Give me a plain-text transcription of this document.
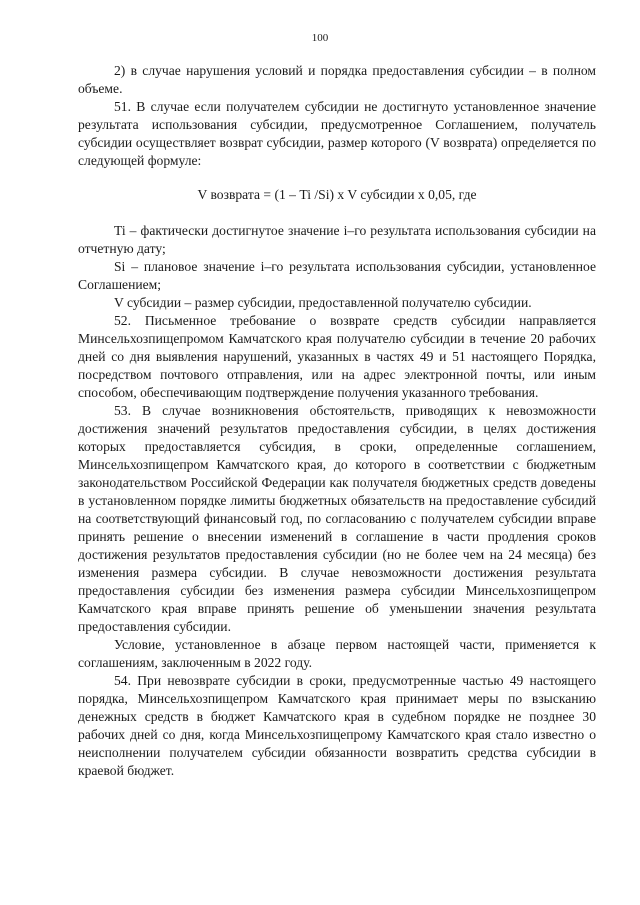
100

2) в случае нарушения условий и порядка предоставления субсидии – в полном объеме.

51. В случае если получателем субсидии не достигнуто установленное значение результата использования субсидии, предусмотренное Соглашением, получатель субсидии осуществляет возврат субсидии, размер которого (V возврата) определяется по следующей формуле:

V возврата = (1 – Ti /Si) x V субсидии x 0,05, где

Ti – фактически достигнутое значение i–го результата использования субсидии на отчетную дату;

Si – плановое значение i–го результата использования субсидии, установленное Соглашением;

V субсидии – размер субсидии, предоставленной получателю субсидии.

52. Письменное требование о возврате средств субсидии направляется Минсельхозпищепромом Камчатского края получателю субсидии в течение 20 рабочих дней со дня выявления нарушений, указанных в частях 49 и 51 настоящего Порядка, посредством почтового отправления, или на адрес электронной почты, или иным способом, обеспечивающим подтверждение получения указанного требования.

53. В случае возникновения обстоятельств, приводящих к невозможности достижения значений результатов предоставления субсидии, в целях достижения которых предоставляется субсидия, в сроки, определенные соглашением, Минсельхозпищепром Камчатского края, до которого в соответствии с бюджетным законодательством Российской Федерации как получателя бюджетных средств доведены в установленном порядке лимиты бюджетных обязательств на предоставление субсидий на соответствующий финансовый год, по согласованию с получателем субсидии вправе принять решение о внесении изменений в соглашение в части продления сроков достижения результатов предоставления субсидии (но не более чем на 24 месяца) без изменения размера субсидии. В случае невозможности достижения результата предоставления субсидии без изменения размера субсидии Минсельхозпищепром Камчатского края вправе принять решение об уменьшении значения результата предоставления субсидии.

Условие, установленное в абзаце первом настоящей части, применяется к соглашениям, заключенным в 2022 году.

54. При невозврате субсидии в сроки, предусмотренные частью 49 настоящего порядка, Минсельхозпищепром Камчатского края принимает меры по взысканию денежных средств в бюджет Камчатского края в судебном порядке не позднее 30 рабочих дней со дня, когда Минсельхозпищепрому Камчатского края стало известно о неисполнении получателем субсидии обязанности возвратить средства субсидии в краевой бюджет.
